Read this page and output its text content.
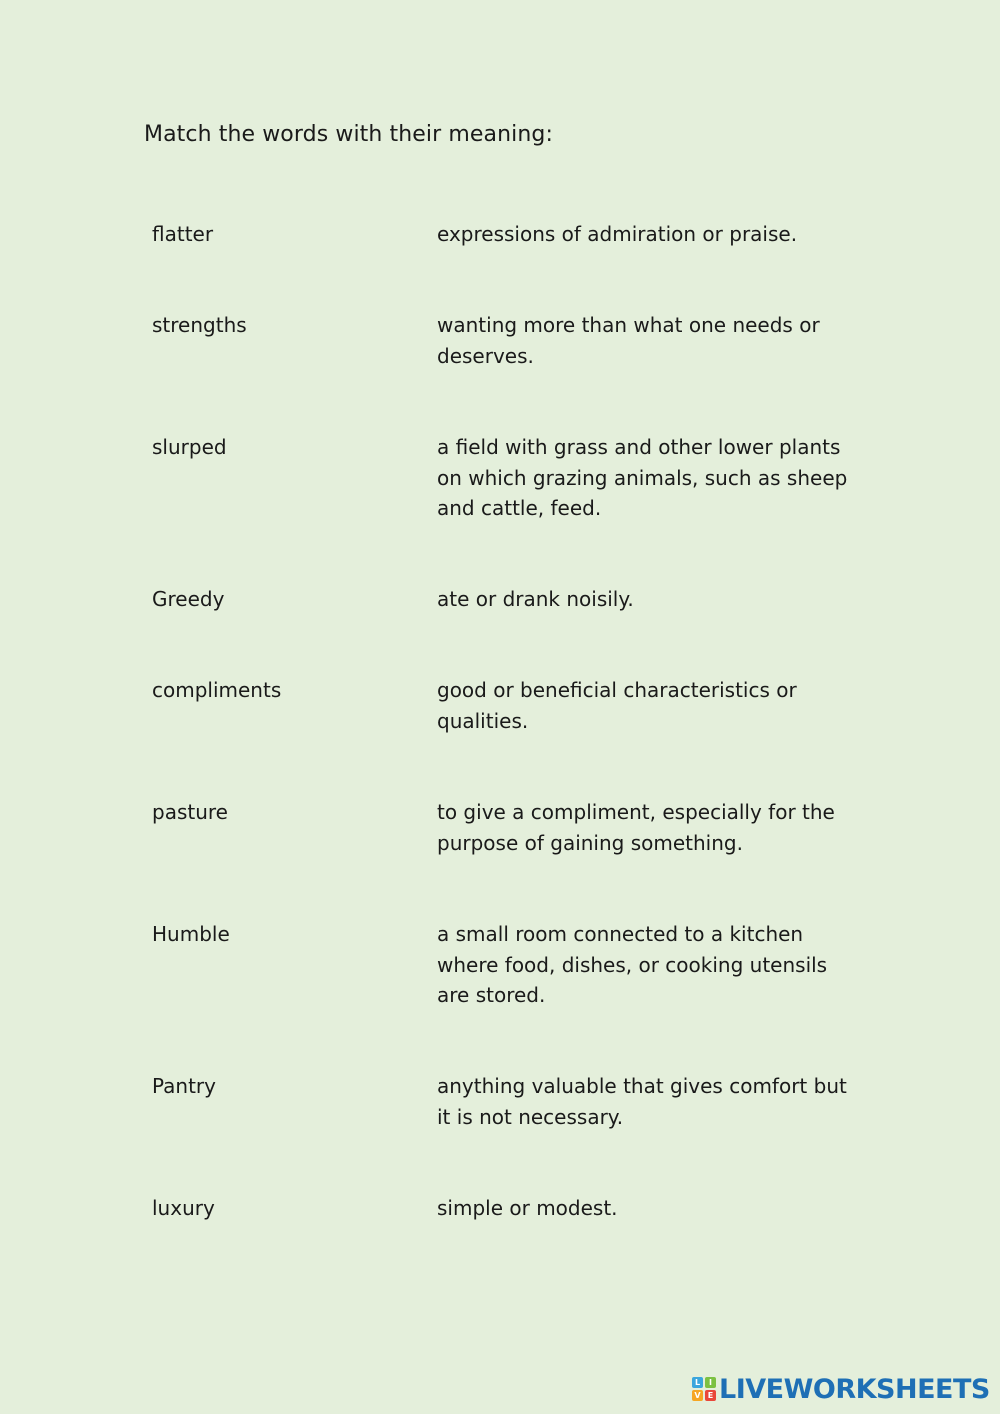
Match the words with their meaning:
flatter	expressions of admiration or praise.
strengths	wanting more than what one needs or deserves.
slurped	a field with grass and other lower plants on which grazing animals, such as sheep and cattle, feed.
Greedy	ate or drank noisily.
compliments	good or beneficial characteristics or qualities.
pasture	to give a compliment, especially for the purpose of gaining something.
Humble	a small room connected to a kitchen where food, dishes, or cooking utensils are stored.
Pantry	anything valuable that gives comfort but it is not necessary.
luxury	simple or modest.
L	I
V E LIVEWORKSHEETS
